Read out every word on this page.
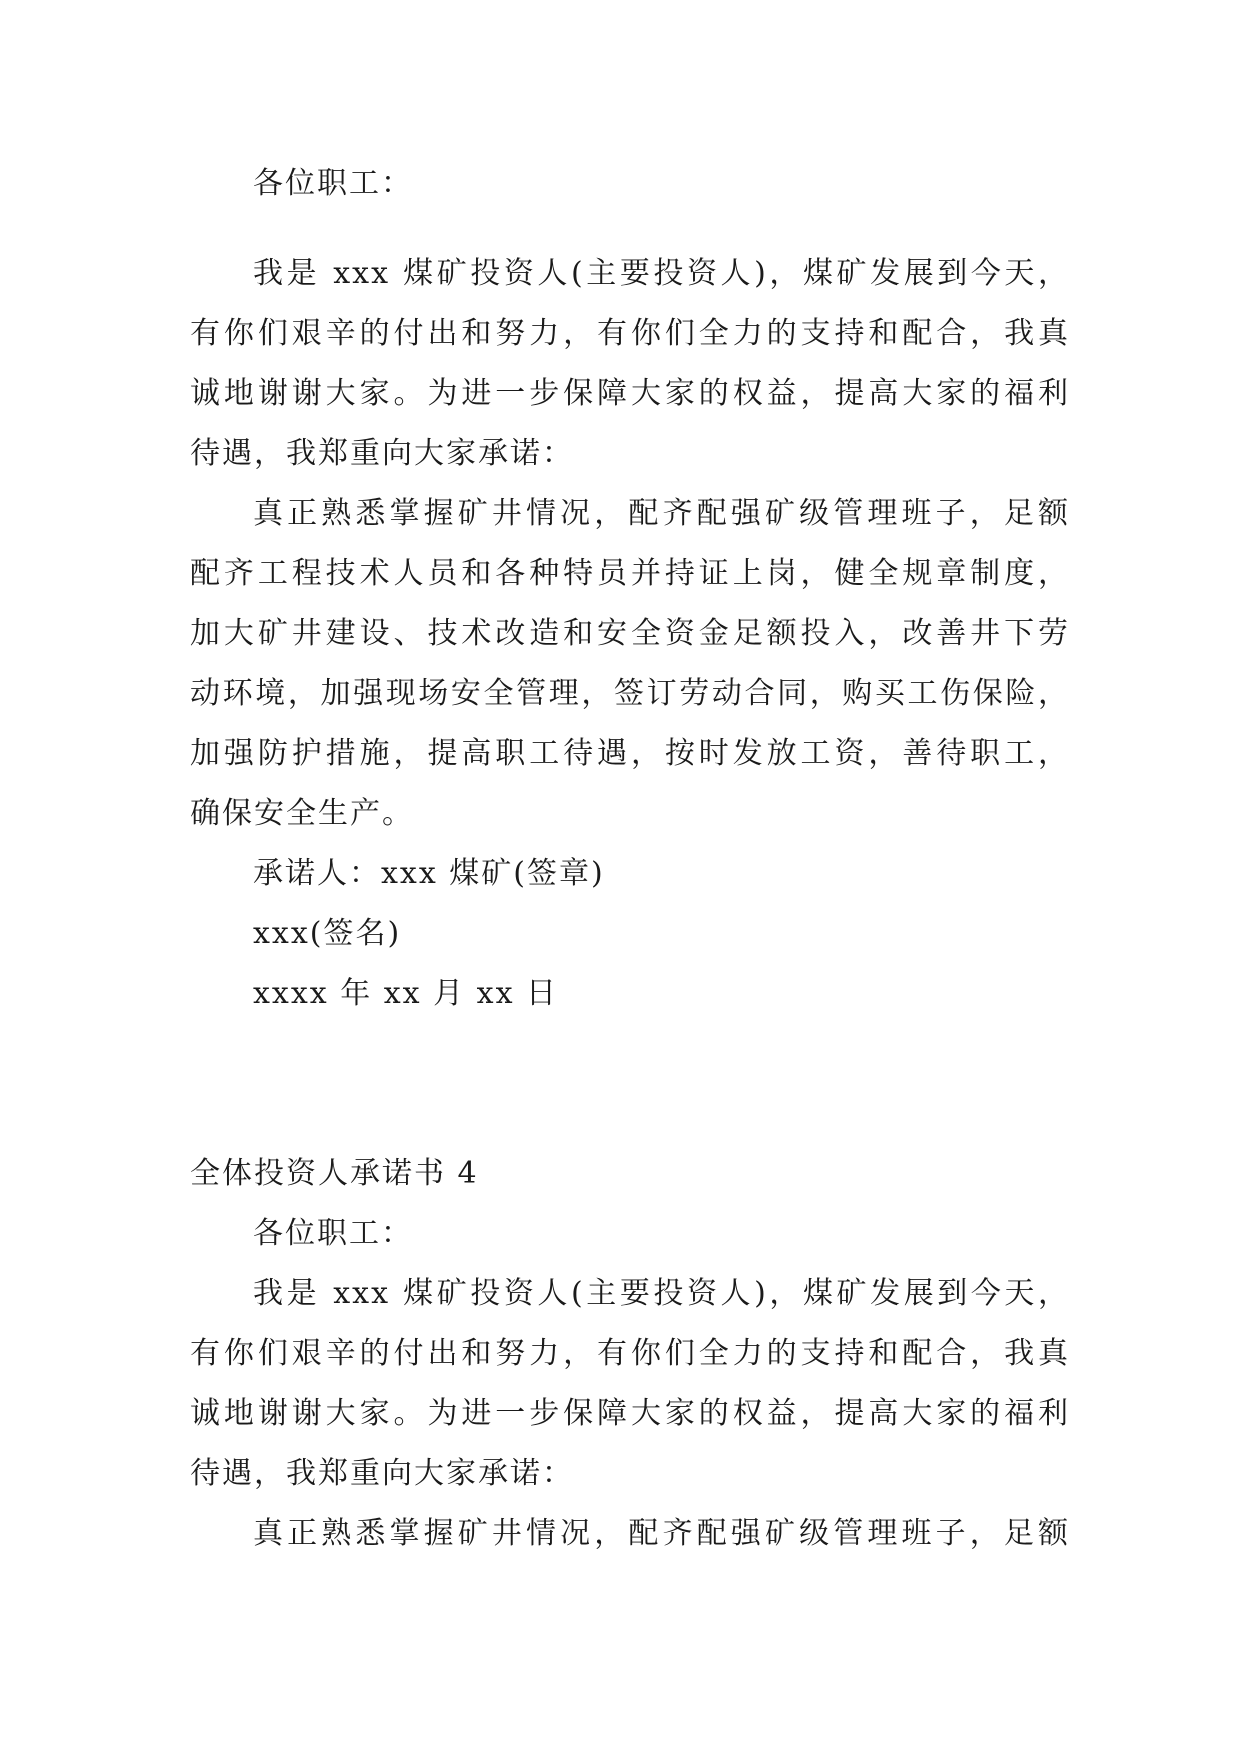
各位职工：
我是 xxx 煤矿投资人(主要投资人)，煤矿发展到今天，
有你们艰辛的付出和努力，有你们全力的支持和配合，我真
诚地谢谢大家。为进一步保障大家的权益，提高大家的福利
待遇，我郑重向大家承诺：
真正熟悉掌握矿井情况，配齐配强矿级管理班子，足额
配齐工程技术人员和各种特员并持证上岗，健全规章制度，
加大矿井建设、技术改造和安全资金足额投入，改善井下劳
动环境，加强现场安全管理，签订劳动合同，购买工伤保险，
加强防护措施，提高职工待遇，按时发放工资，善待职工，
确保安全生产。
承诺人：xxx 煤矿(签章)
xxx(签名)
xxxx 年 xx 月 xx 日
全体投资人承诺书 4
各位职工：
我是 xxx 煤矿投资人(主要投资人)，煤矿发展到今天，
有你们艰辛的付出和努力，有你们全力的支持和配合，我真
诚地谢谢大家。为进一步保障大家的权益，提高大家的福利
待遇，我郑重向大家承诺：
真正熟悉掌握矿井情况，配齐配强矿级管理班子，足额
